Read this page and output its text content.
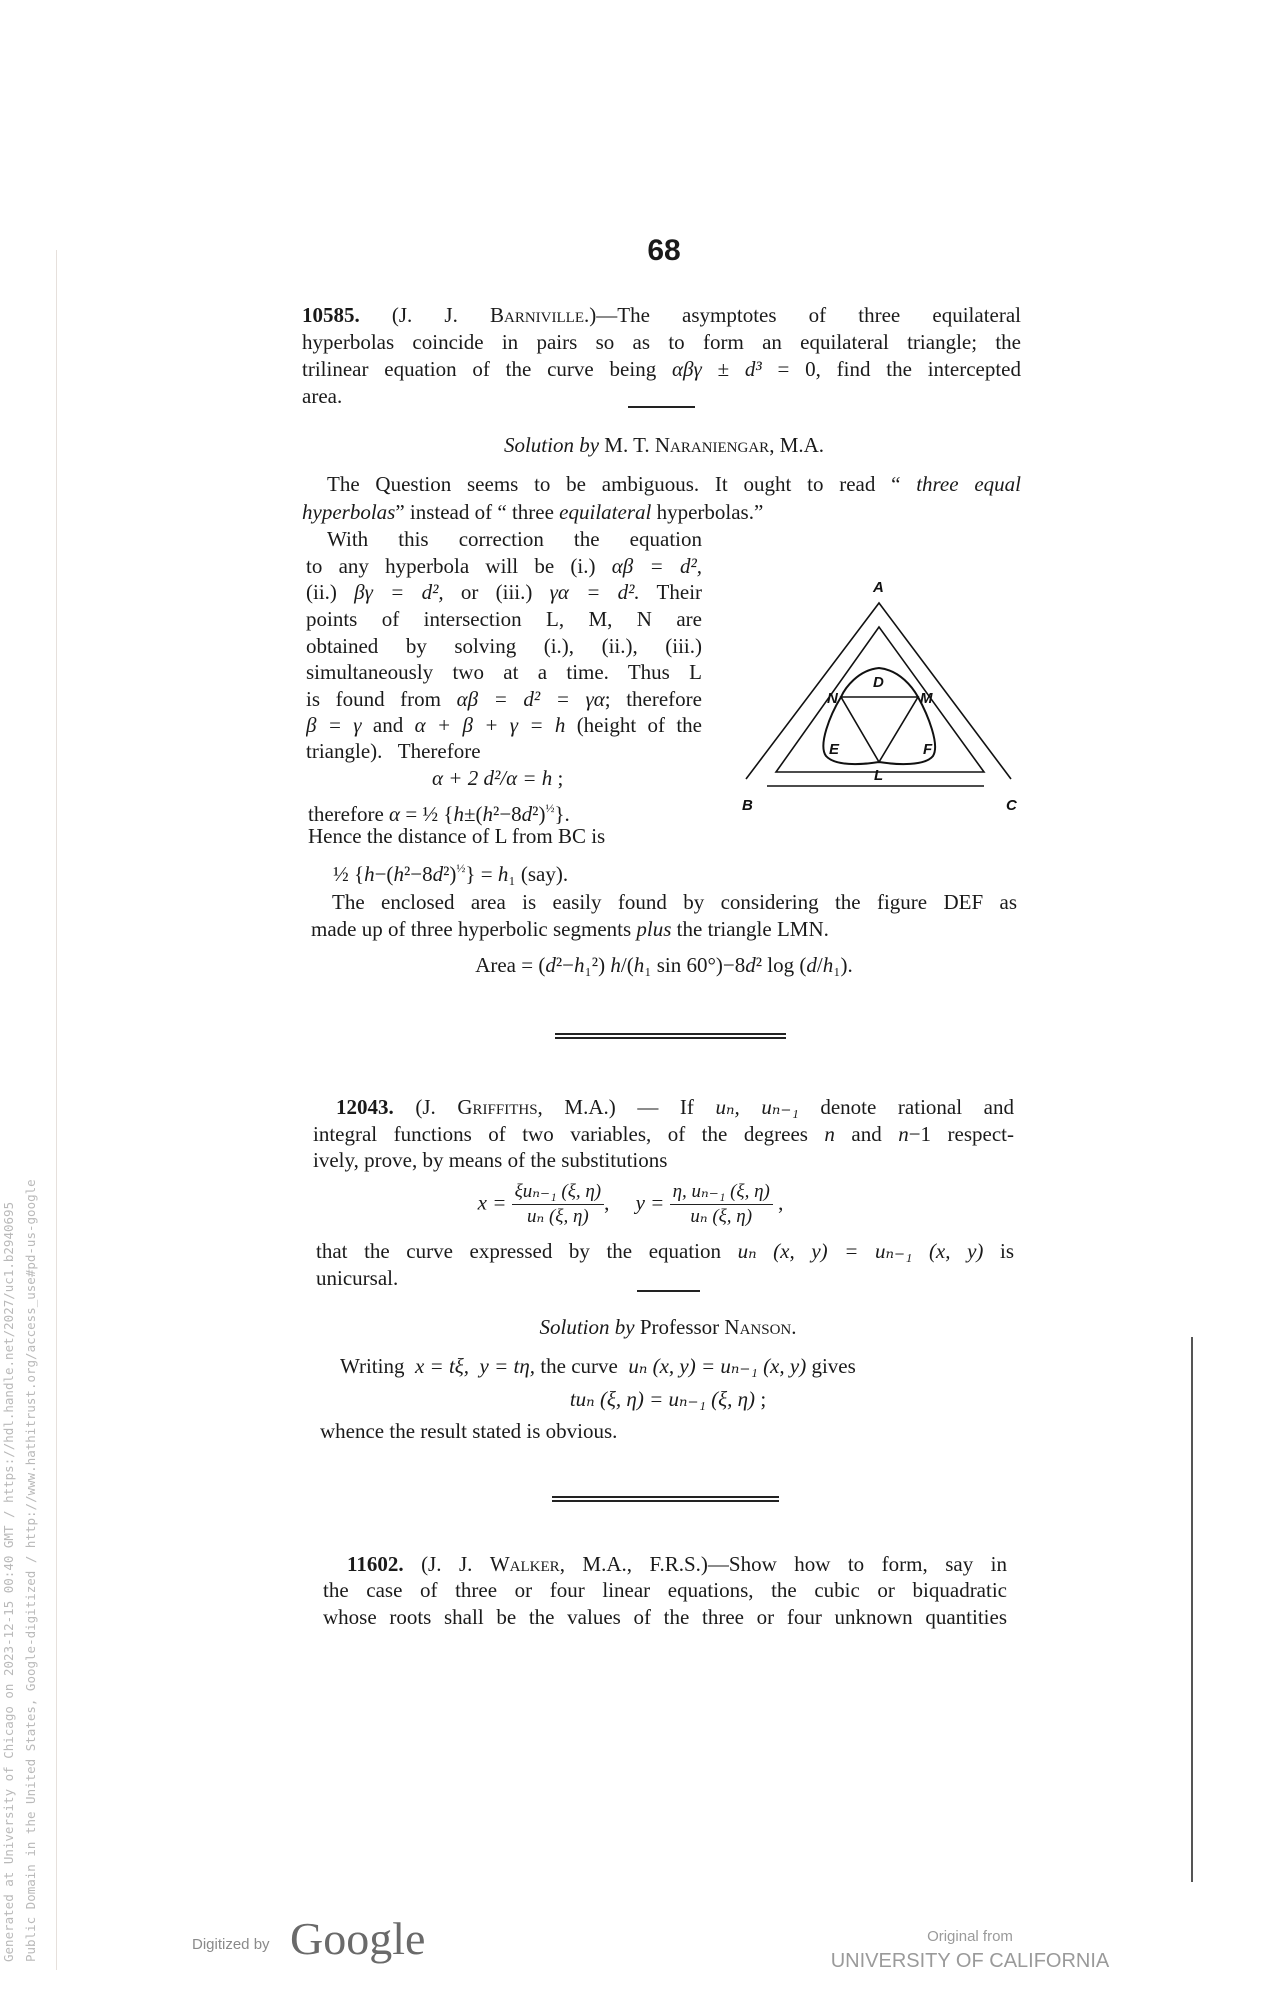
68
10585. (J. J. Barniville.)—The asymptotes of three equilateral
hyperbolas coincide in pairs so as to form an equilateral triangle; the
trilinear equation of the curve being αβγ ± d³ = 0, find the intercepted
area.
Solution by M. T. Naraniengar, M.A.
The Question seems to be ambiguous. It ought to read “ three equal
hyperbolas” instead of “ three equilateral hyperbolas.”
With this correction the equation
to any hyperbola will be (i.) αβ = d²,
(ii.) βγ = d², or (iii.) γα = d². Their
points of intersection L, M, N are
obtained by solving (i.), (ii.), (iii.)
simultaneously two at a time. Thus L
is found from αβ = d² = γα; therefore
β = γ and α + β + γ = h (height of the
triangle).   Therefore
α + 2 d²/α = h ;
therefore α = ½ $\{h\pm(h^2-8d^2)^{\frac{1}{2}}\}$.
Hence the distance of L from BC is
½ $\{h-(h^2-8d^2)^{\frac{1}{2}}\} = h_1$ (say).
The enclosed area is easily found by considering the figure DEF as
made up of three hyperbolic segments plus the triangle LMN.
Area = (d²−h₁²) h/(h₁ sin 60°)−8d² log (d/h₁).
A
B	C
D
E	F
L
M
N
12043. (J. Griffiths, M.A.) — If uₙ, uₙ₋₁ denote rational and
integral functions of two variables, of the degrees n and n−1 respect-
ively, prove, by means of the substitutions
$x = \frac{\text{ξuₙ₋₁ (ξ, η)}}{\text{uₙ (ξ, η)}}$ ,     $y = \frac{\text{η, uₙ₋₁ (ξ, η)}}{\text{uₙ (ξ, η)}}$ ,
that the curve expressed by the equation uₙ (x, y) = uₙ₋₁ (x, y) is
unicursal.
Solution by Professor Nanson.
Writing  x = tξ,  y = tη, the curve  uₙ (x, y) = uₙ₋₁ (x, y) gives
tuₙ (ξ, η) = uₙ₋₁ (ξ, η) ;
whence the result stated is obvious.
11602. (J. J. Walker, M.A., F.R.S.)—Show how to form, say in
the case of three or four linear equations, the cubic or biquadratic
whose roots shall be the values of the three or four unknown quantities
Generated at University of Chicago on 2023-12-15 00:40 GMT / https://hdl.handle.net/2027/uc1.b2940695 Public Domain in the United States, Google-digitized / http://www.hathitrust.org/access_use#pd-us-google	Digitized by Google	Original from
UNIVERSITY OF CALIFORNIA
